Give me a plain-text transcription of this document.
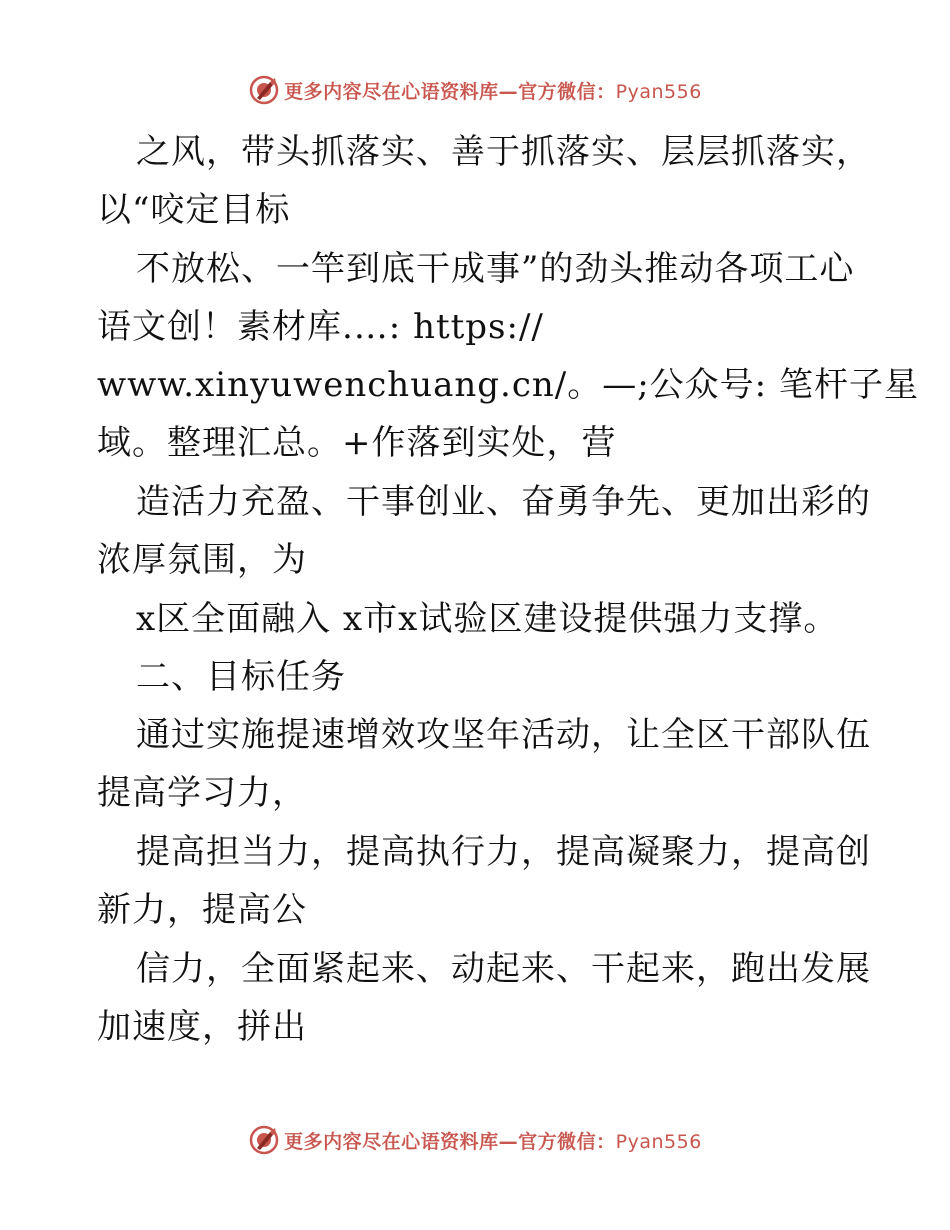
更多内容尽在心语资料库—官方微信：Pyan556
之风，带头抓落实、善于抓落实、层层抓落实，
以“咬定目标
不放松、一竿到底干成事”的劲头推动各项工心
语文创！素材库.…: https://
www.xinyuwenchuang.cn/。—;公众号: 笔杆子星
域。整理汇总。+作落到实处，营
造活力充盈、干事创业、奋勇争先、更加出彩的
浓厚氛围，为
x区全面融入 x市x试验区建设提供强力支撑。
二、目标任务
通过实施提速增效攻坚年活动，让全区干部队伍
提高学习力，
提高担当力，提高执行力，提高凝聚力，提高创
新力，提高公
信力，全面紧起来、动起来、干起来，跑出发展
加速度，拼出
更多内容尽在心语资料库—官方微信：Pyan556
